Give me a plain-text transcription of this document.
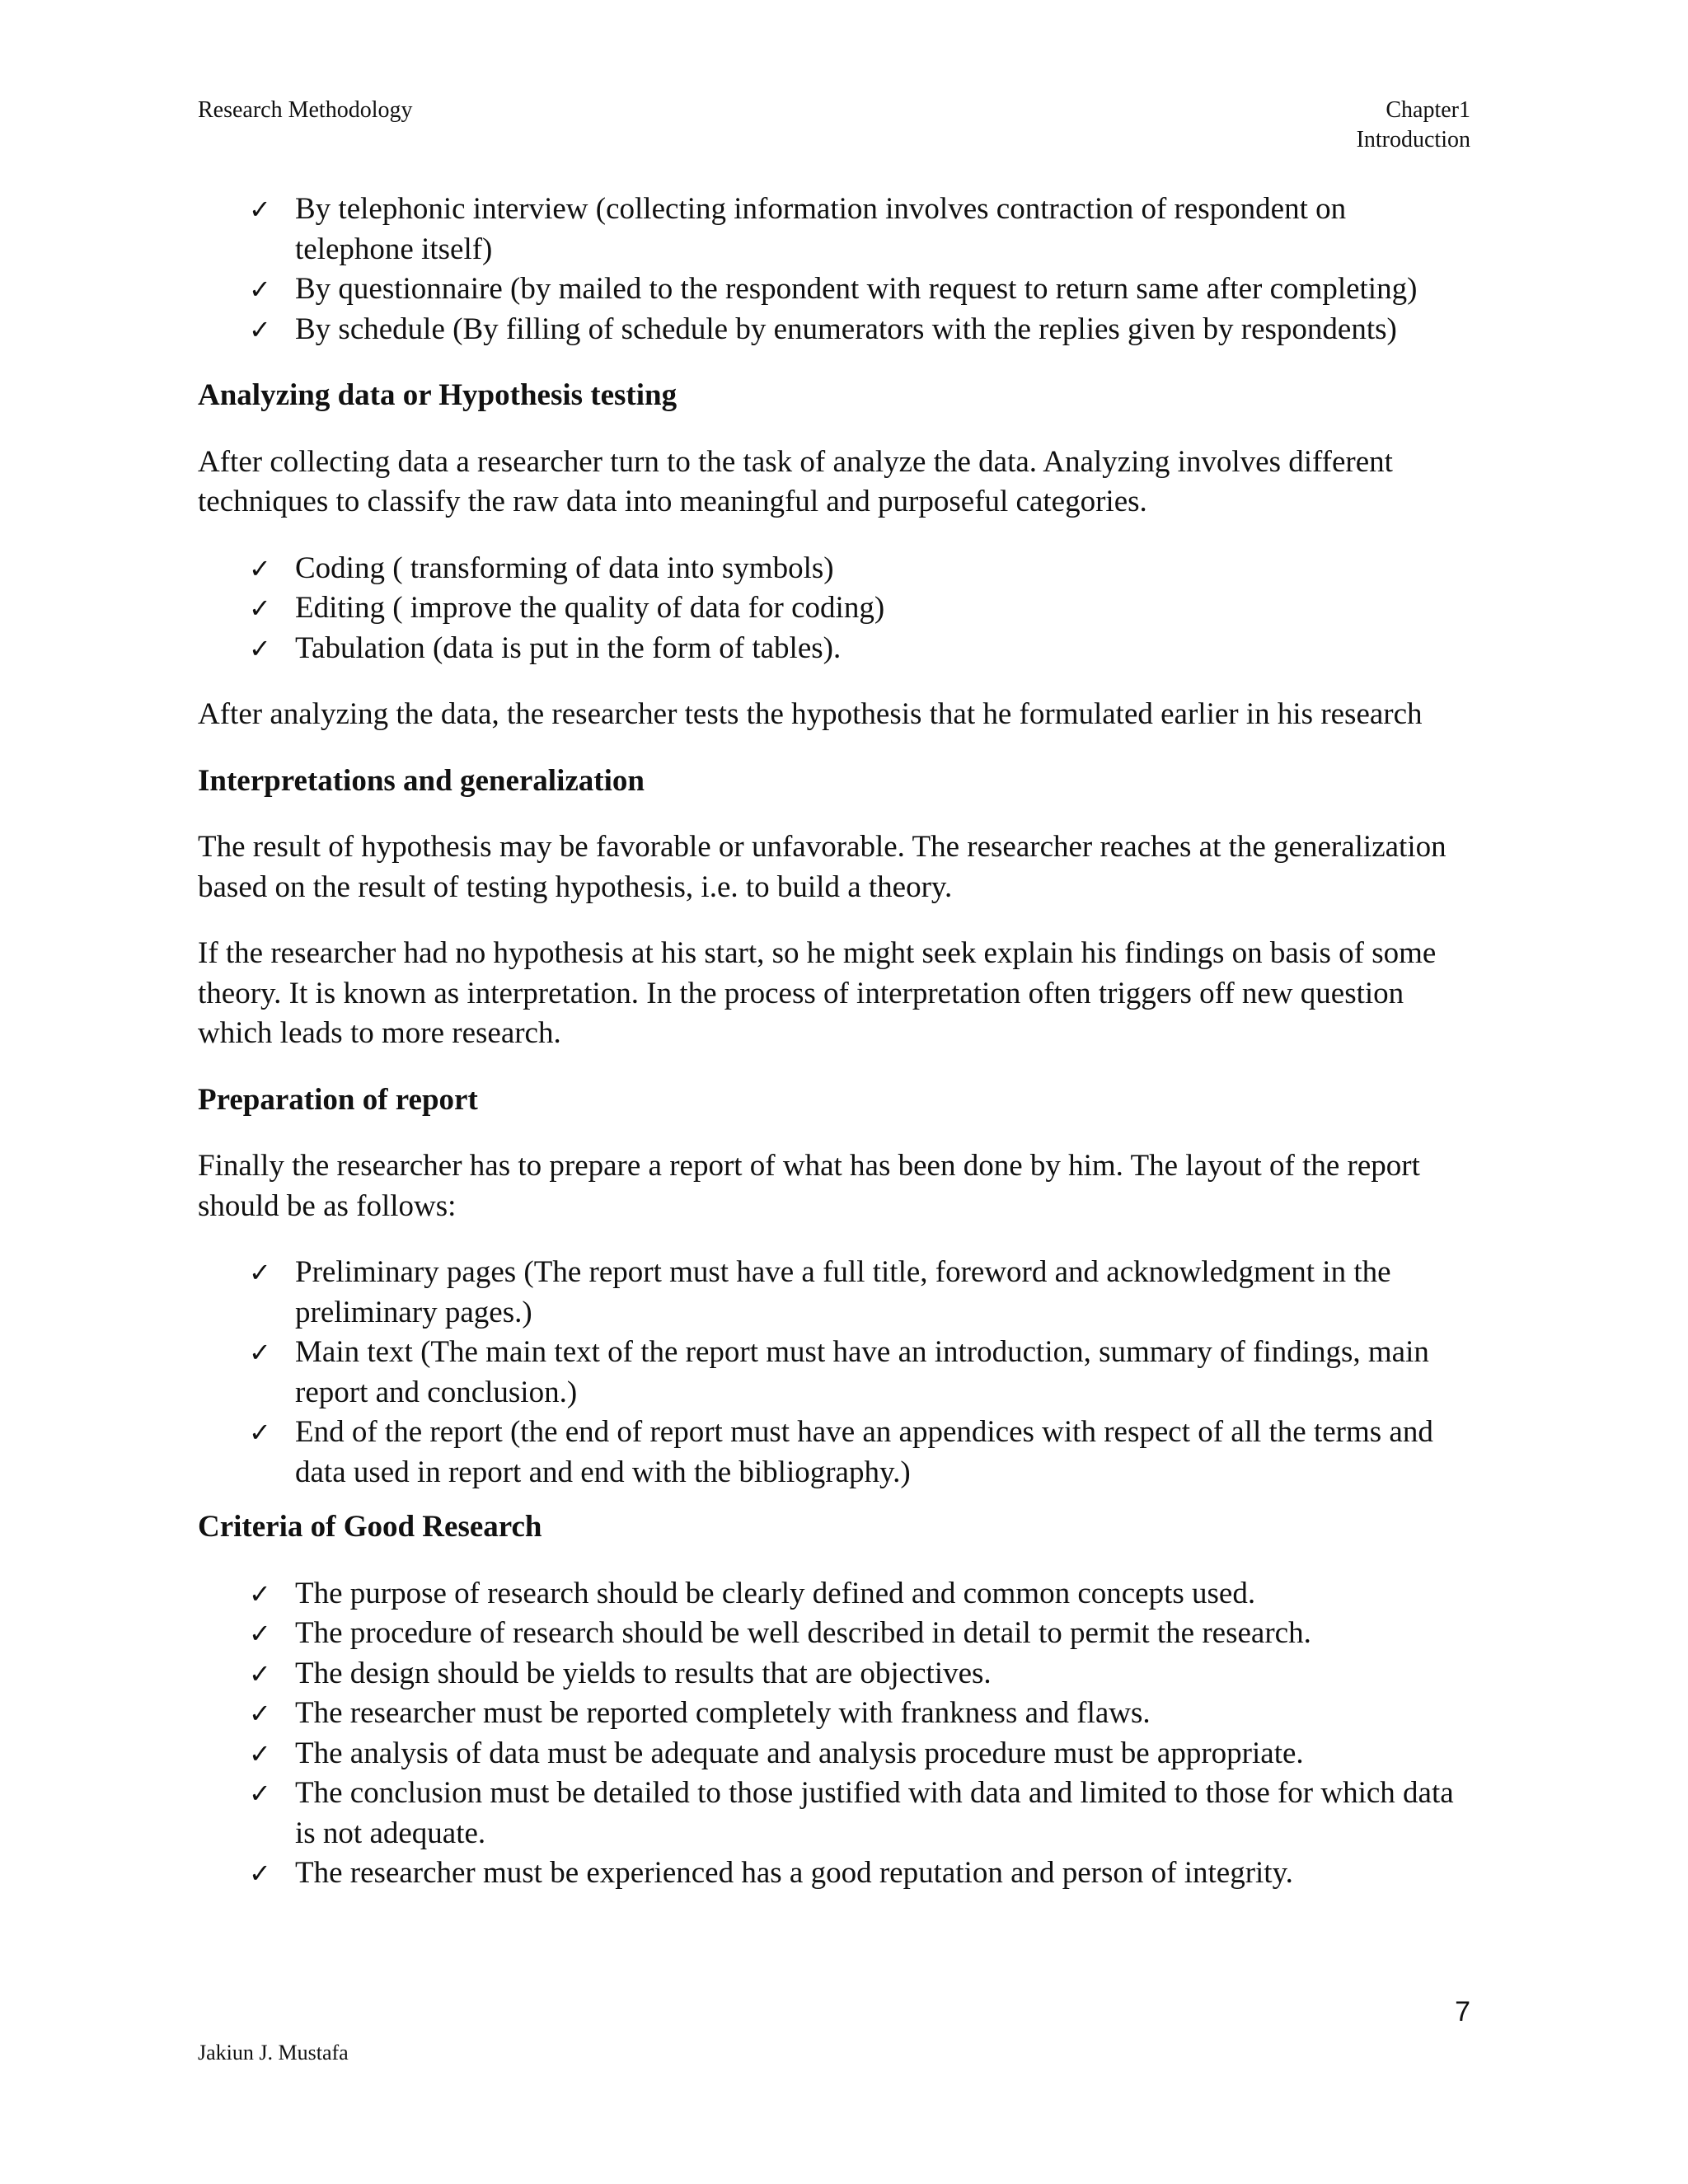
Research Methodology	Chapter1
Introduction
✓ By telephonic interview (collecting information involves contraction of respondent on telephone itself)
✓ By questionnaire (by mailed to the respondent with request to return same after completing)
✓ By schedule (By filling of schedule by enumerators with the replies given by respondents)
Analyzing data or Hypothesis testing

After collecting data a researcher turn to the task of analyze the data. Analyzing involves different techniques to classify the raw data into meaningful and purposeful categories.

✓ Coding ( transforming of data into symbols)
✓ Editing ( improve the quality of data for coding)
✓ Tabulation (data is put in the form of tables).

After analyzing the data, the researcher tests the hypothesis that he formulated earlier in his research

Interpretations and generalization

The result of hypothesis may be favorable or unfavorable. The researcher reaches at the generalization based on the result of testing hypothesis, i.e. to build a theory.

If the researcher had no hypothesis at his start, so he might seek explain his findings on basis of some theory. It is known as interpretation. In the process of interpretation often triggers off new question which leads to more research.

Preparation of report

Finally the researcher has to prepare a report of what has been done by him. The layout of the report should be as follows:

✓ Preliminary pages (The report must have a full title, foreword and acknowledgment in the preliminary pages.)
✓ Main text (The main text of the report must have an introduction, summary of findings, main report and conclusion.)
✓ End of the report (the end of report must have an appendices with respect of all the terms and data used in report and end with the bibliography.)
Criteria of Good Research
✓ The purpose of research should be clearly defined and common concepts used.
✓ The procedure of research should be well described in detail to permit the research.
✓ The design should be yields to results that are objectives.
✓ The researcher must be reported completely with frankness and flaws.
✓ The analysis of data must be adequate and analysis procedure must be appropriate.
✓ The conclusion must be detailed to those justified with data and limited to those for which data is not adequate.
✓ The researcher must be experienced has a good reputation and person of integrity.
7
Jakiun J. Mustafa
